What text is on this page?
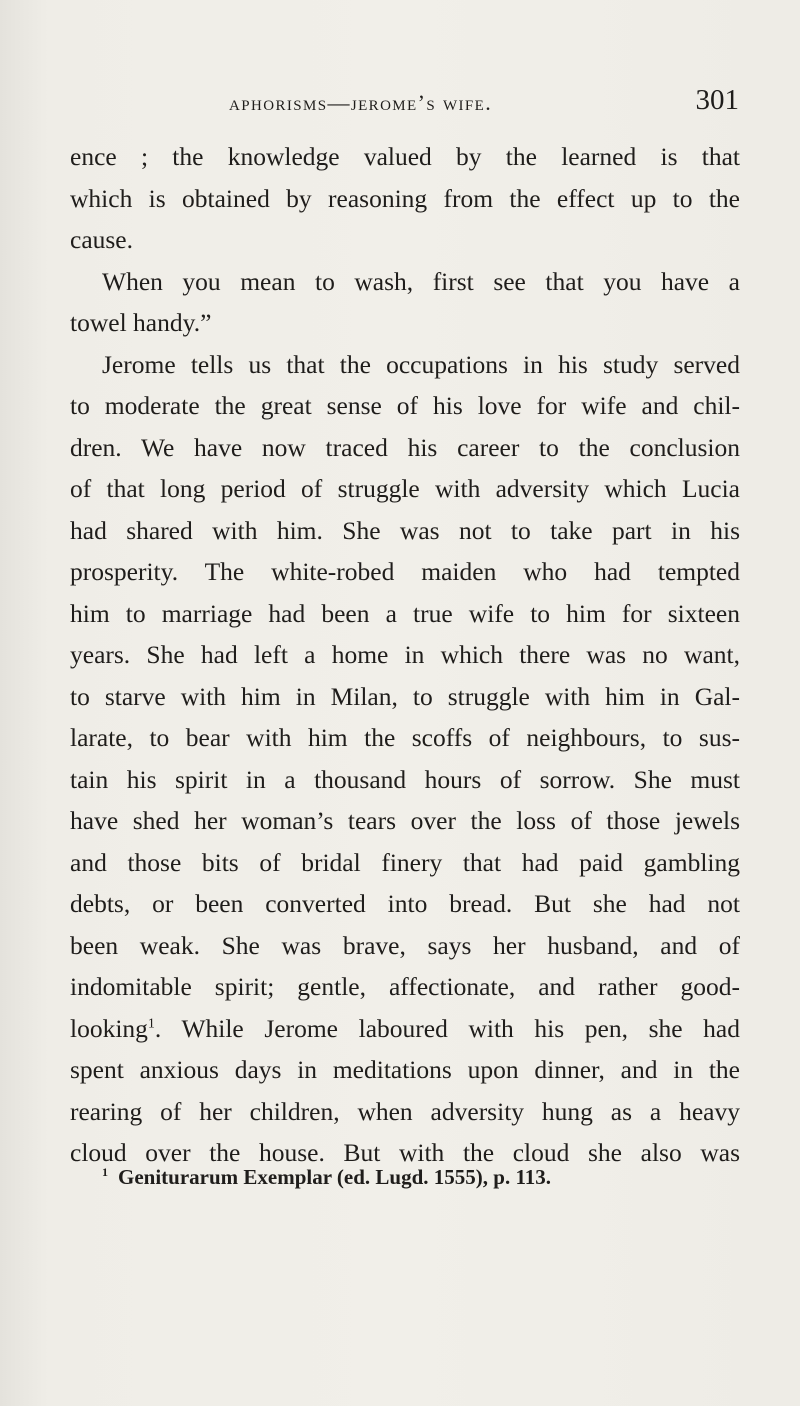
aphorisms—jerome’s wife.	301
ence ; the knowledge valued by the learned is that
which is obtained by reasoning from the effect up to the
cause.
When you mean to wash, first see that you have a
towel handy.”
Jerome tells us that the occupations in his study served
to moderate the great sense of his love for wife and chil-
dren. We have now traced his career to the conclusion
of that long period of struggle with adversity which Lucia
had shared with him. She was not to take part in his
prosperity. The white-robed maiden who had tempted
him to marriage had been a true wife to him for sixteen
years. She had left a home in which there was no want,
to starve with him in Milan, to struggle with him in Gal-
larate, to bear with him the scoffs of neighbours, to sus-
tain his spirit in a thousand hours of sorrow. She must
have shed her woman’s tears over the loss of those jewels
and those bits of bridal finery that had paid gambling
debts, or been converted into bread. But she had not
been weak. She was brave, says her husband, and of
indomitable spirit; gentle, affectionate, and rather good-
looking$^1$. While Jerome laboured with his pen, she had
spent anxious days in meditations upon dinner, and in the
rearing of her children, when adversity hung as a heavy
cloud over the house. But with the cloud she also was
$^1$ Geniturarum Exemplar (ed. Lugd. 1555), p. 113.
